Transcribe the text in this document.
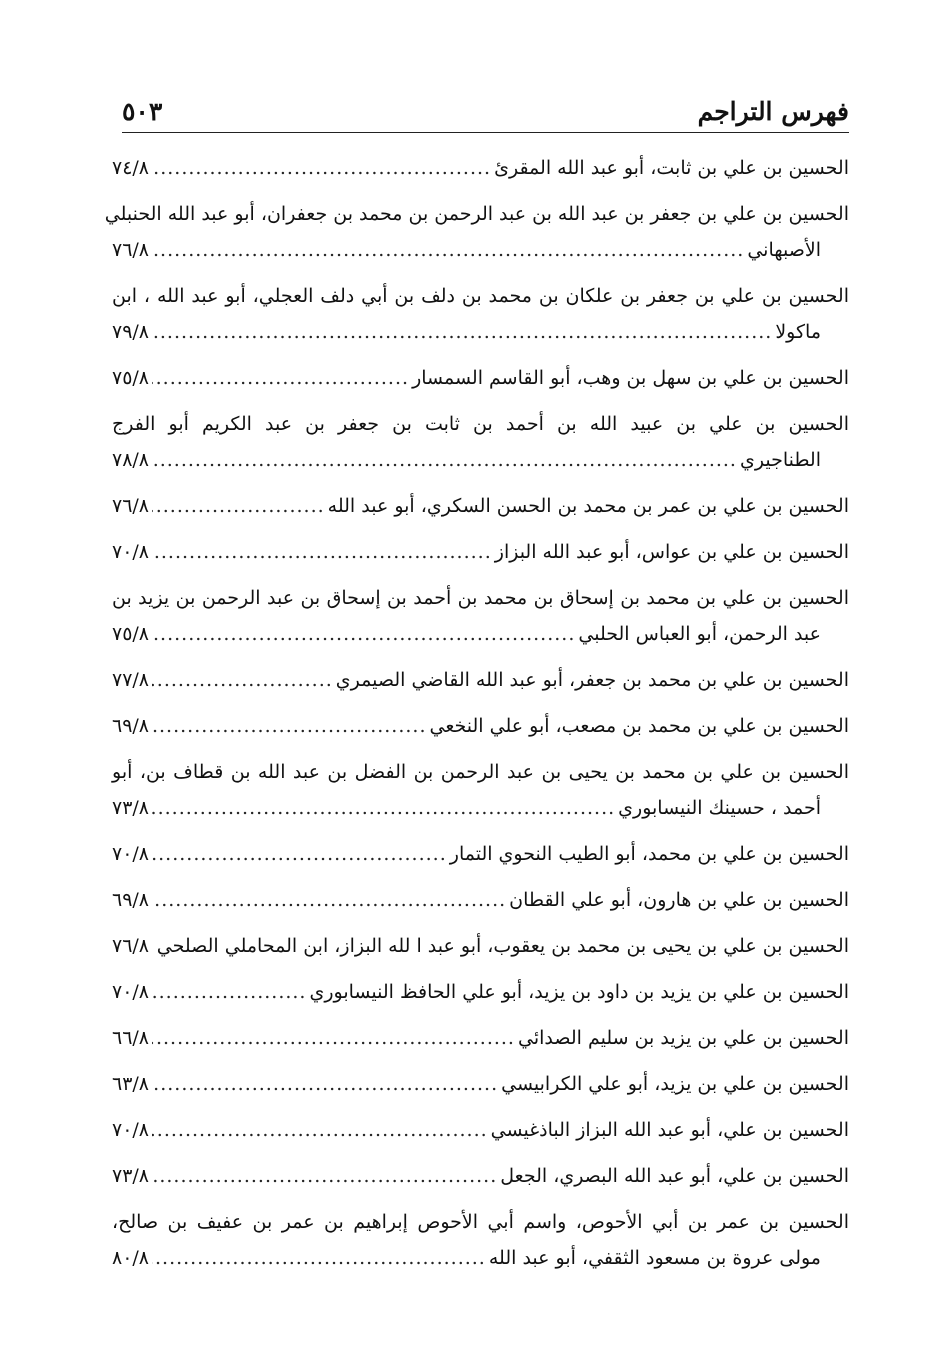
فهرس التراجم
٥٠٣
الحسين بن علي بن ثابت، أبو عبد الله المقرئ
.....
٧٤/٨
الحسين بن علي بن جعفر بن عبد الله بن عبد الرحمن بن محمد بن جعفران، أبو عبد الله الحنبلي
الأصبهاني
.....
٧٦/٨
الحسين بن علي بن جعفر بن علكان بن محمد بن دلف بن أبي دلف العجلي، أبو عبد الله ، ابن
ماكولا
.....
٧٩/٨
الحسين بن علي بن سهل بن وهب، أبو القاسم السمسار
.....
٧٥/٨
الحسين بن علي بن عبيد الله بن أحمد بن ثابت بن جعفر بن عبد الكريم أبو الفرج
الطناجيري
.....
٧٨/٨
الحسين بن علي بن عمر بن محمد بن الحسن السكري، أبو عبد الله
.....
٧٦/٨
الحسين بن علي بن عواس، أبو عبد الله البزاز
.....
٧٠/٨
الحسين بن علي بن محمد بن إسحاق بن محمد بن أحمد بن إسحاق بن عبد الرحمن بن يزيد بن
عبد الرحمن، أبو العباس الحلبي
.....
٧٥/٨
الحسين بن علي بن محمد بن جعفر، أبو عبد الله القاضي الصيمري
.....
٧٧/٨
الحسين بن علي بن محمد بن مصعب، أبو علي النخعي
.....
٦٩/٨
الحسين بن علي بن محمد بن يحيى بن عبد الرحمن بن الفضل بن عبد الله بن قطاف بن، أبو
أحمد ، حسينك النيسابوري
.....
٧٣/٨
الحسين بن علي بن محمد، أبو الطيب النحوي التمار
.....
٧٠/٨
الحسين بن علي بن هارون، أبو علي القطان
.....
٦٩/٨
الحسين بن علي بن يحيى بن محمد بن يعقوب، أبو عبد ا لله البزاز، ابن المحاملي الصلحي
.....
٧٦/٨
الحسين بن علي بن يزيد بن داود بن يزيد، أبو علي الحافظ النيسابوري
.....
٧٠/٨
الحسين بن علي بن يزيد بن سليم الصدائي
.....
٦٦/٨
الحسين بن علي بن يزيد، أبو علي الكرابيسي
.....
٦٣/٨
الحسين بن علي، أبو عبد الله البزاز الباذغيسي
.....
٧٠/٨
الحسين بن علي، أبو عبد الله البصري، الجعل
.....
٧٣/٨
الحسين بن عمر بن أبي الأحوص، واسم أبي الأحوص إبراهيم بن عمر بن عفيف بن صالح،
مولى عروة بن مسعود الثقفي، أبو عبد الله
.....
٨٠/٨
